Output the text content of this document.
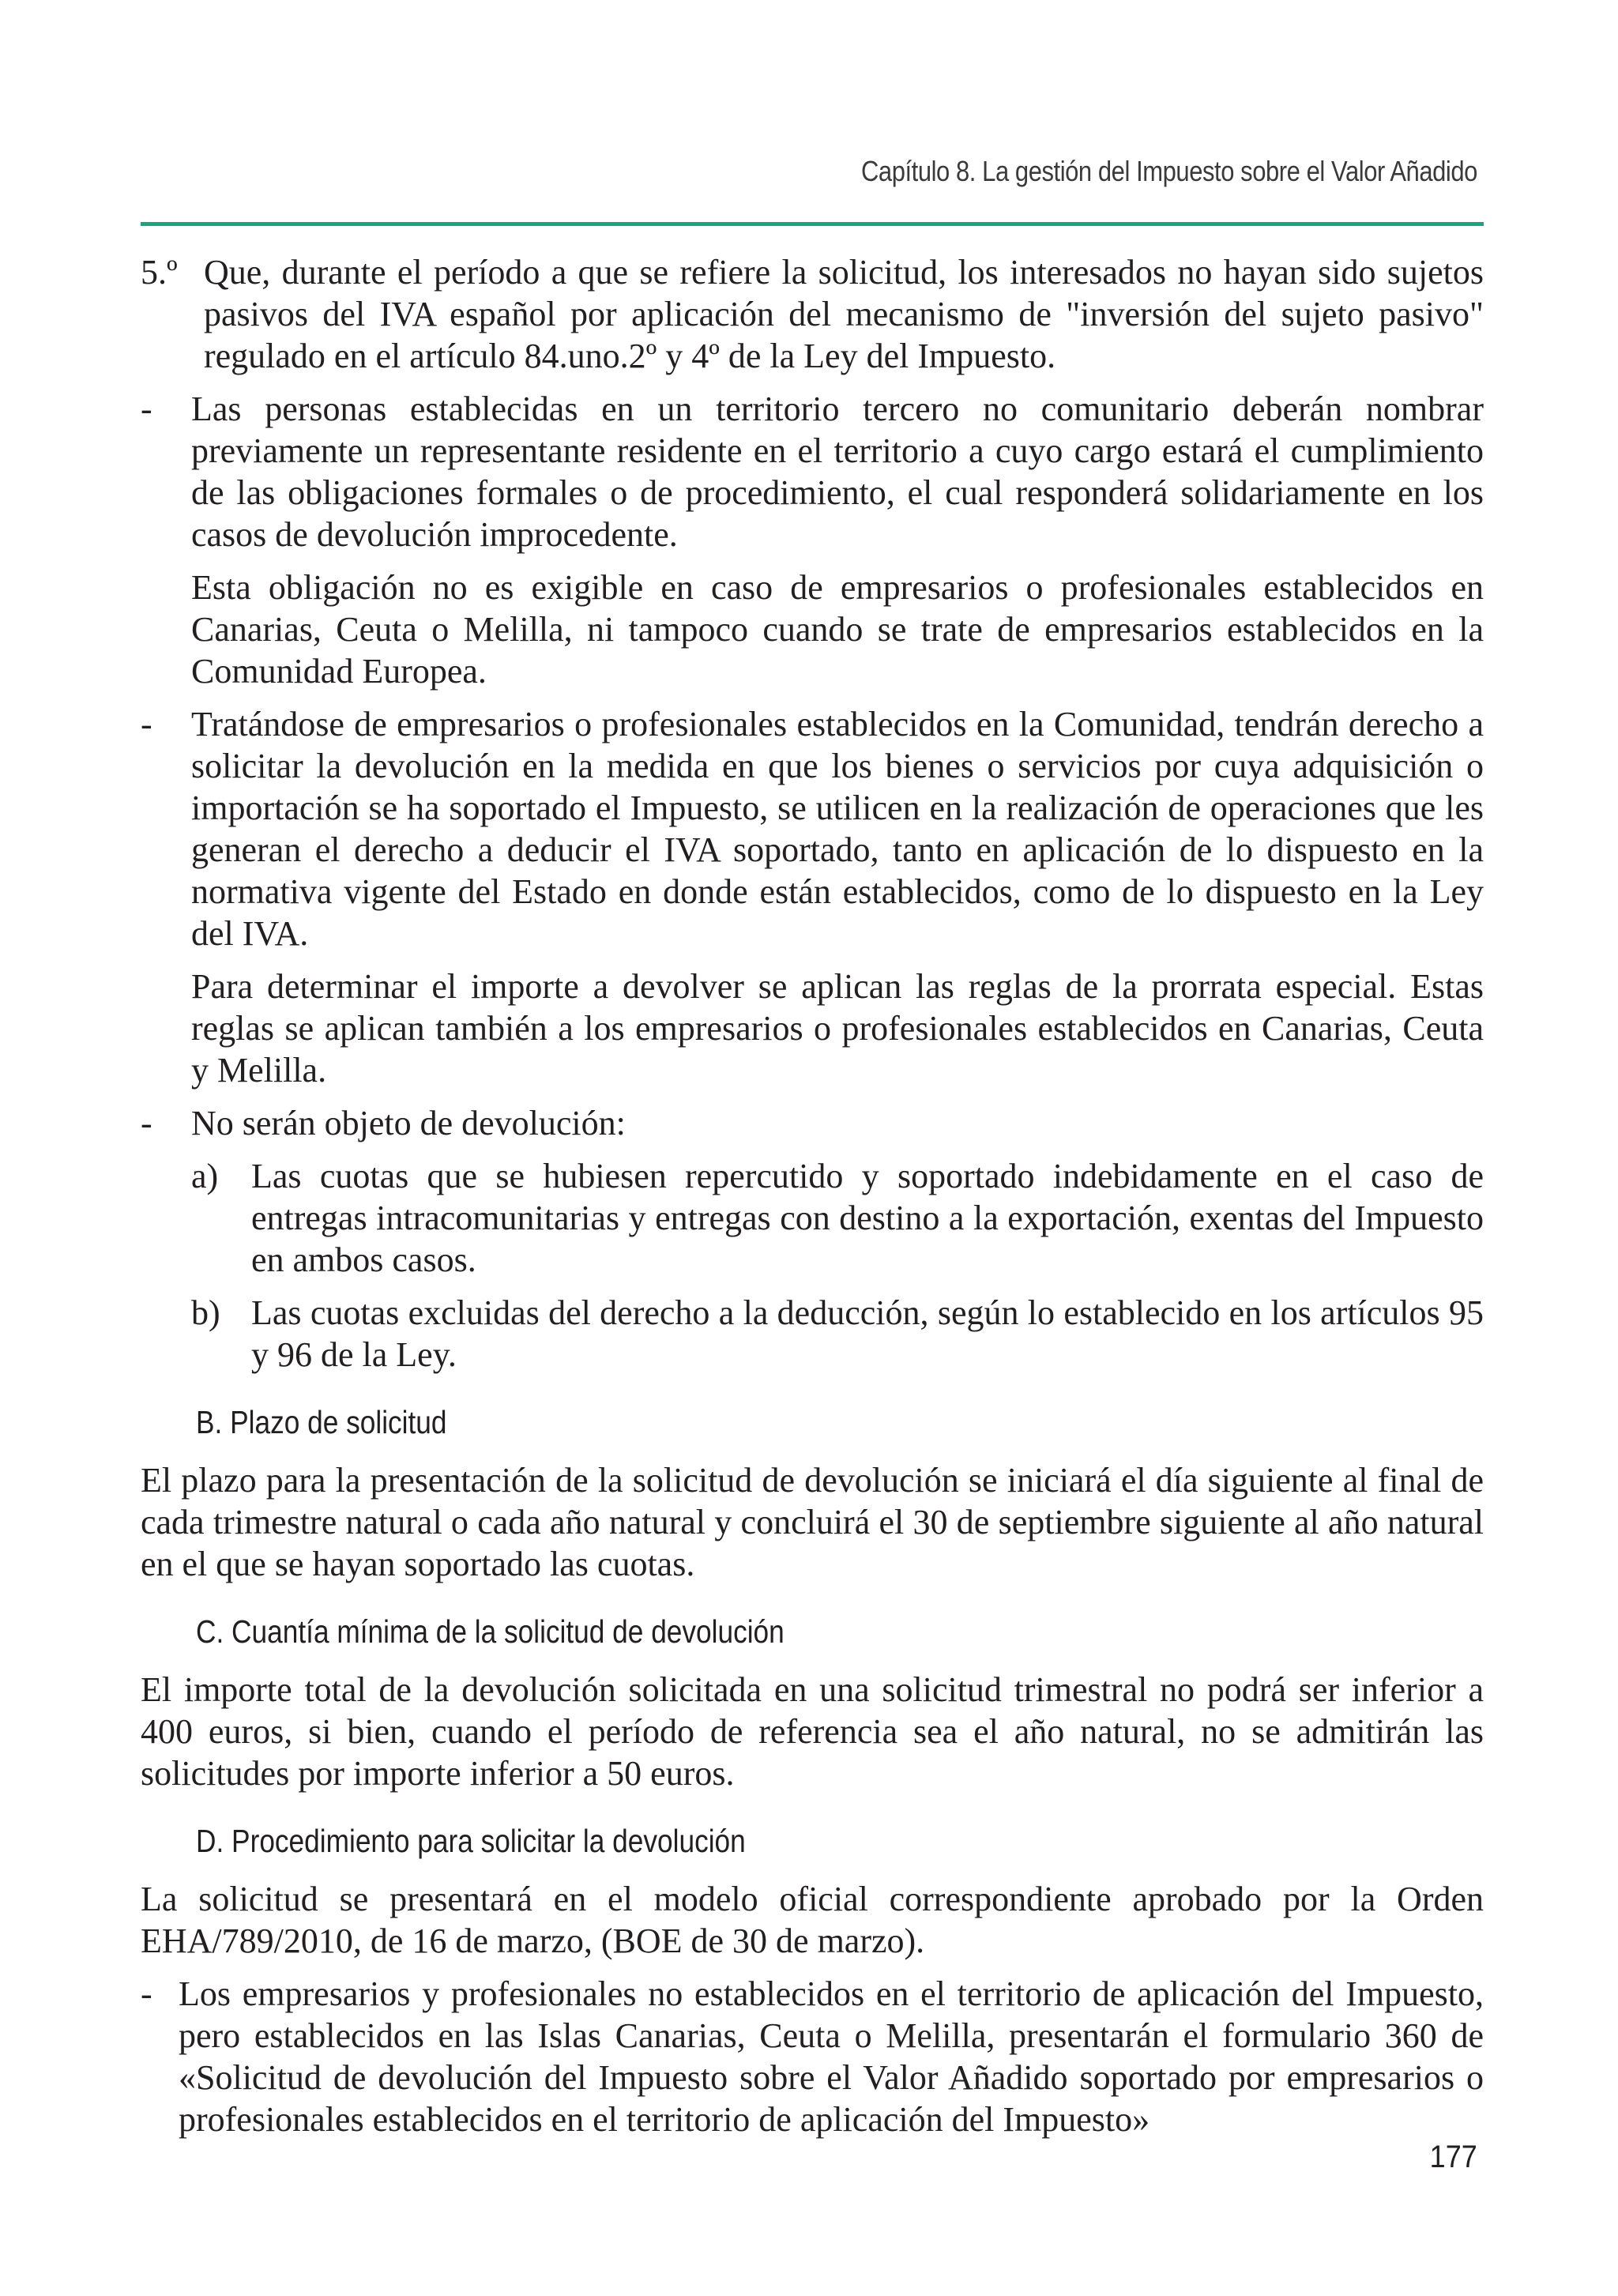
Capítulo 8. La gestión del Impuesto sobre el Valor Añadido
5.º Que, durante el período a que se refiere la solicitud, los interesados no hayan sido sujetos pasivos del IVA español por aplicación del mecanismo de "inversión del sujeto pasivo" regulado en el artículo 84.uno.2º y 4º de la Ley del Impuesto.
- Las personas establecidas en un territorio tercero no comunitario deberán nombrar previamente un representante residente en el territorio a cuyo cargo estará el cumplimiento de las obligaciones formales o de procedimiento, el cual responderá solidariamente en los casos de devolución improcedente.
Esta obligación no es exigible en caso de empresarios o profesionales establecidos en Canarias, Ceuta o Melilla, ni tampoco cuando se trate de empresarios establecidos en la Comunidad Europea.
- Tratándose de empresarios o profesionales establecidos en la Comunidad, tendrán derecho a solicitar la devolución en la medida en que los bienes o servicios por cuya adquisición o importación se ha soportado el Impuesto, se utilicen en la realización de operaciones que les generan el derecho a deducir el IVA soportado, tanto en aplicación de lo dispuesto en la normativa vigente del Estado en donde están establecidos, como de lo dispuesto en la Ley del IVA.
Para determinar el importe a devolver se aplican las reglas de la prorrata especial. Estas reglas se aplican también a los empresarios o profesionales establecidos en Canarias, Ceuta y Melilla.
- No serán objeto de devolución:
a) Las cuotas que se hubiesen repercutido y soportado indebidamente en el caso de entregas intracomunitarias y entregas con destino a la exportación, exentas del Impuesto en ambos casos.
b) Las cuotas excluidas del derecho a la deducción, según lo establecido en los artículos 95 y 96 de la Ley.
B. Plazo de solicitud
El plazo para la presentación de la solicitud de devolución se iniciará el día siguiente al final de cada trimestre natural o cada año natural y concluirá el 30 de septiembre siguiente al año natural en el que se hayan soportado las cuotas.
C. Cuantía mínima de la solicitud de devolución
El importe total de la devolución solicitada en una solicitud trimestral no podrá ser inferior a 400 euros, si bien, cuando el período de referencia sea el año natural, no se admitirán las solicitudes por importe inferior a 50 euros.
D. Procedimiento para solicitar la devolución
La solicitud se presentará en el modelo oficial correspondiente aprobado por la Orden EHA/789/2010, de 16 de marzo, (BOE de 30 de marzo).
- Los empresarios y profesionales no establecidos en el territorio de aplicación del Impuesto, pero establecidos en las Islas Canarias, Ceuta o Melilla, presentarán el formulario 360 de «Solicitud de devolución del Impuesto sobre el Valor Añadido soportado por empresarios o profesionales establecidos en el territorio de aplicación del Impuesto»
177
